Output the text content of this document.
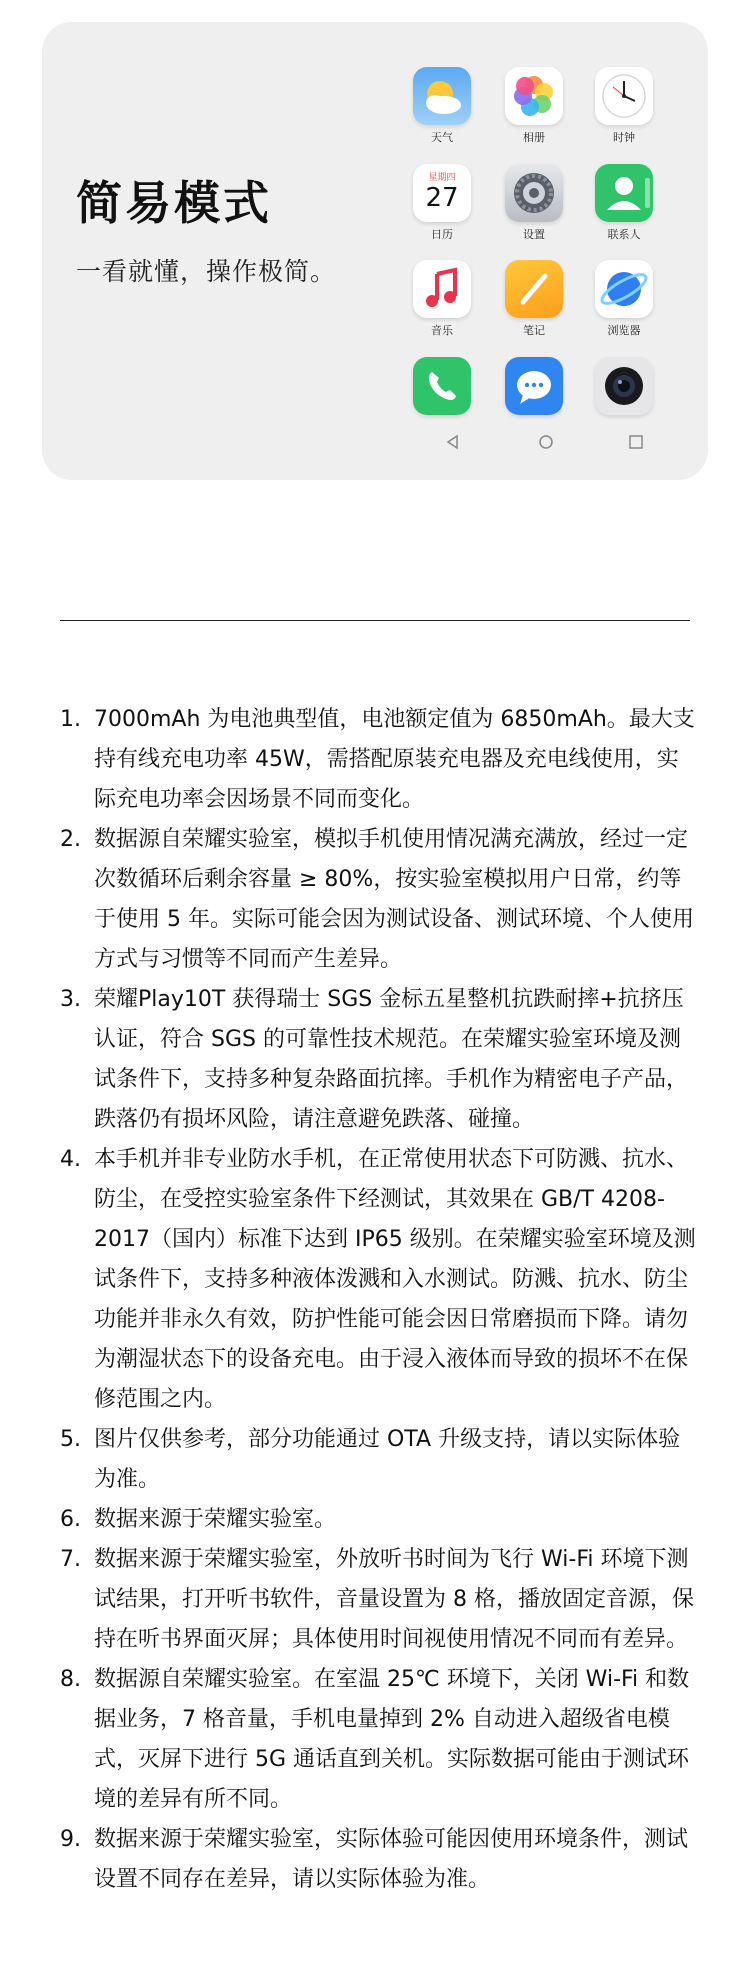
简易模式
一看就懂，操作极简。
天气	相册	时钟
星期四
27
日历	设置	联系人
音乐	笔记	浏览器
1. 7000mAh 为电池典型值，电池额定值为 6850mAh。最大支持有线充电功率 45W，需搭配原装充电器及充电线使用，实际充电功率会因场景不同而变化。
2. 数据源自荣耀实验室，模拟手机使用情况满充满放，经过一定次数循环后剩余容量 ≥ 80%，按实验室模拟用户日常，约等于使用 5 年。实际可能会因为测试设备、测试环境、个人使用方式与习惯等不同而产生差异。
3. 荣耀Play10T 获得瑞士 SGS 金标五星整机抗跌耐摔+抗挤压认证，符合 SGS 的可靠性技术规范。在荣耀实验室环境及测试条件下，支持多种复杂路面抗摔。手机作为精密电子产品，跌落仍有损坏风险，请注意避免跌落、碰撞。
4. 本手机并非专业防水手机，在正常使用状态下可防溅、抗水、防尘，在受控实验室条件下经测试，其效果在 GB/T 4208-2017（国内）标准下达到 IP65 级别。在荣耀实验室环境及测试条件下，支持多种液体泼溅和入水测试。防溅、抗水、防尘功能并非永久有效，防护性能可能会因日常磨损而下降。请勿为潮湿状态下的设备充电。由于浸入液体而导致的损坏不在保修范围之内。
5. 图片仅供参考，部分功能通过 OTA 升级支持，请以实际体验为准。
6. 数据来源于荣耀实验室。
7. 数据来源于荣耀实验室，外放听书时间为飞行 Wi-Fi 环境下测试结果，打开听书软件，音量设置为 8 格，播放固定音源，保持在听书界面灭屏；具体使用时间视使用情况不同而有差异。
8. 数据源自荣耀实验室。在室温 25℃ 环境下，关闭 Wi-Fi 和数据业务，7 格音量，手机电量掉到 2% 自动进入超级省电模式，灭屏下进行 5G 通话直到关机。实际数据可能由于测试环境的差异有所不同。
9. 数据来源于荣耀实验室，实际体验可能因使用环境条件，测试设置不同存在差异，请以实际体验为准。
